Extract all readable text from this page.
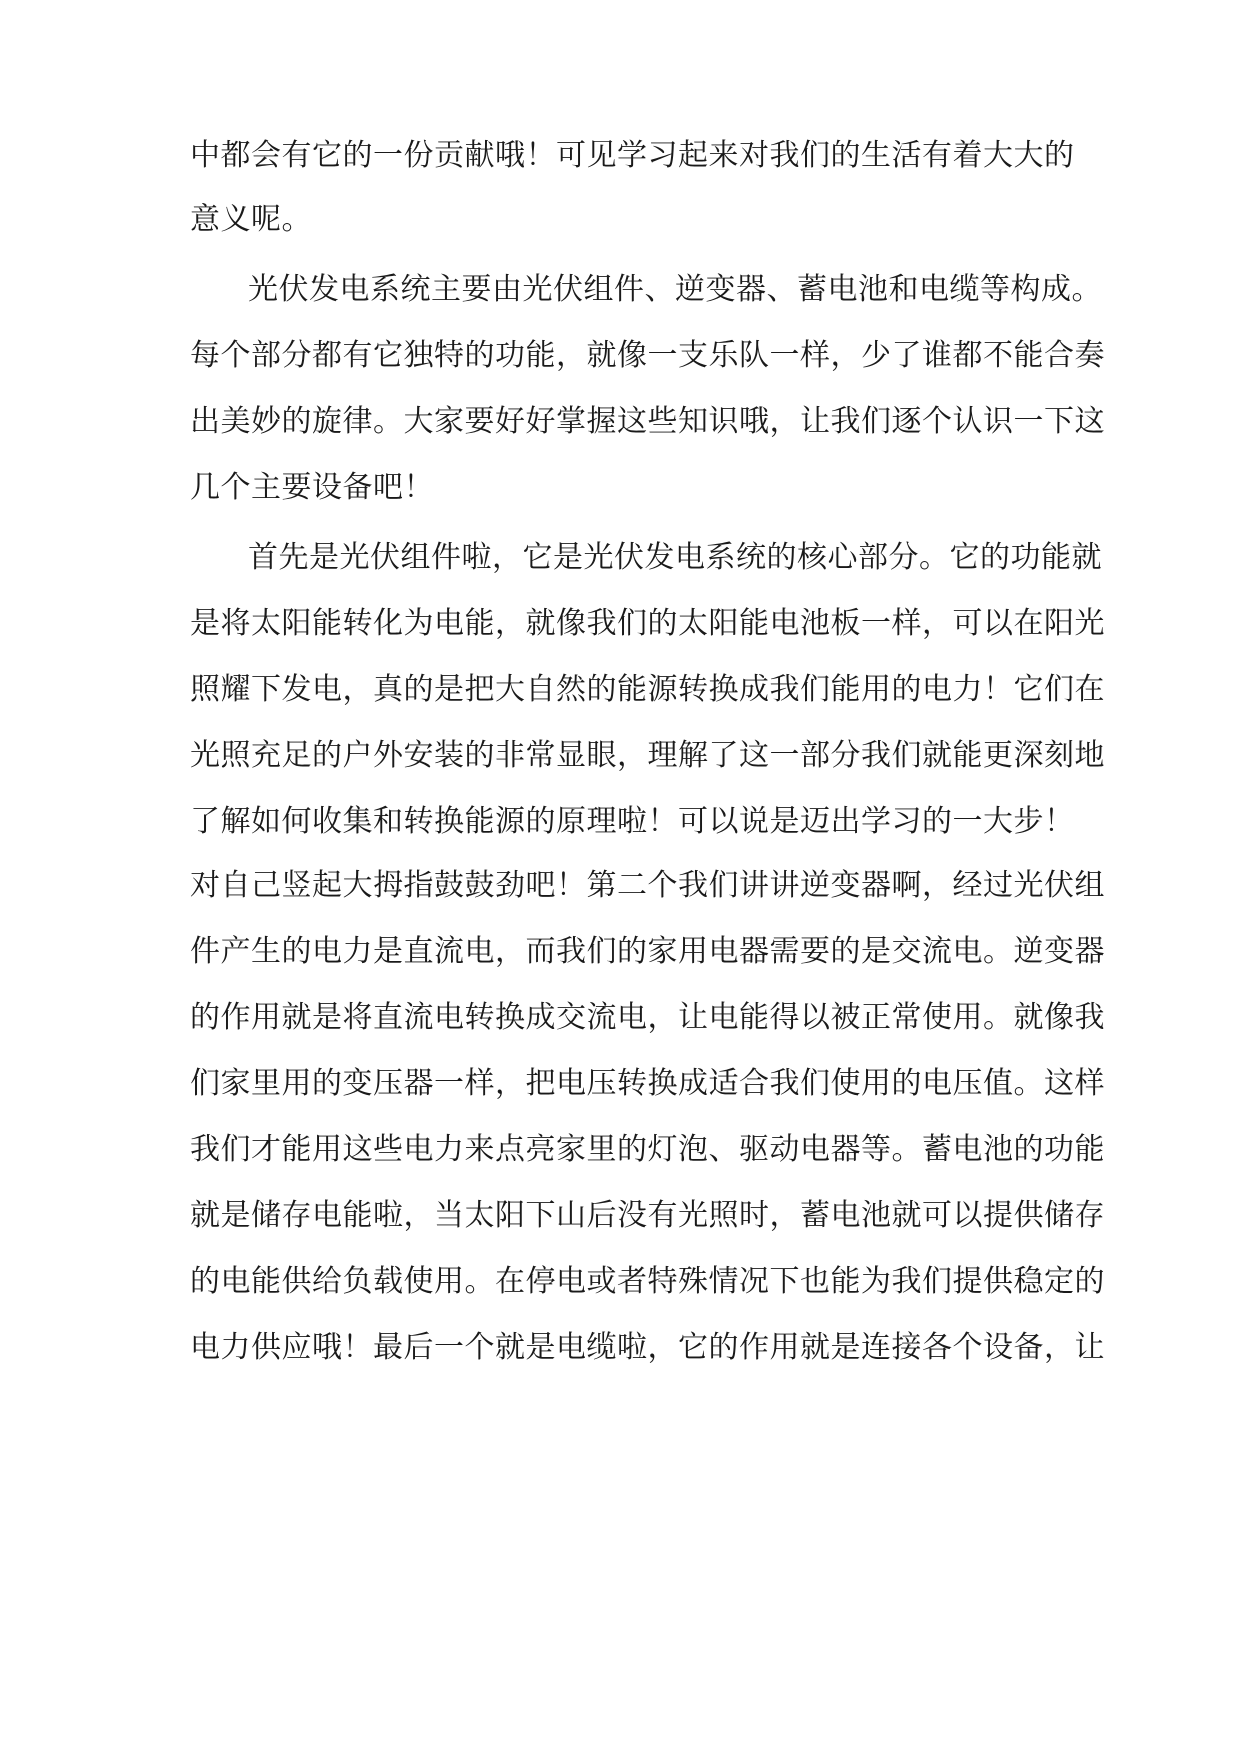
中都会有它的一份贡献哦！可见学习起来对我们的生活有着大大的
意义呢。
光伏发电系统主要由光伏组件、逆变器、蓄电池和电缆等构成。
每个部分都有它独特的功能，就像一支乐队一样，少了谁都不能合奏
出美妙的旋律。大家要好好掌握这些知识哦，让我们逐个认识一下这
几个主要设备吧！
首先是光伏组件啦，它是光伏发电系统的核心部分。它的功能就
是将太阳能转化为电能，就像我们的太阳能电池板一样，可以在阳光
照耀下发电，真的是把大自然的能源转换成我们能用的电力！它们在
光照充足的户外安装的非常显眼，理解了这一部分我们就能更深刻地
了解如何收集和转换能源的原理啦！可以说是迈出学习的一大步！
对自己竖起大拇指鼓鼓劲吧！第二个我们讲讲逆变器啊，经过光伏组
件产生的电力是直流电，而我们的家用电器需要的是交流电。逆变器
的作用就是将直流电转换成交流电，让电能得以被正常使用。就像我
们家里用的变压器一样，把电压转换成适合我们使用的电压值。这样
我们才能用这些电力来点亮家里的灯泡、驱动电器等。蓄电池的功能
就是储存电能啦，当太阳下山后没有光照时，蓄电池就可以提供储存
的电能供给负载使用。在停电或者特殊情况下也能为我们提供稳定的
电力供应哦！最后一个就是电缆啦，它的作用就是连接各个设备，让
